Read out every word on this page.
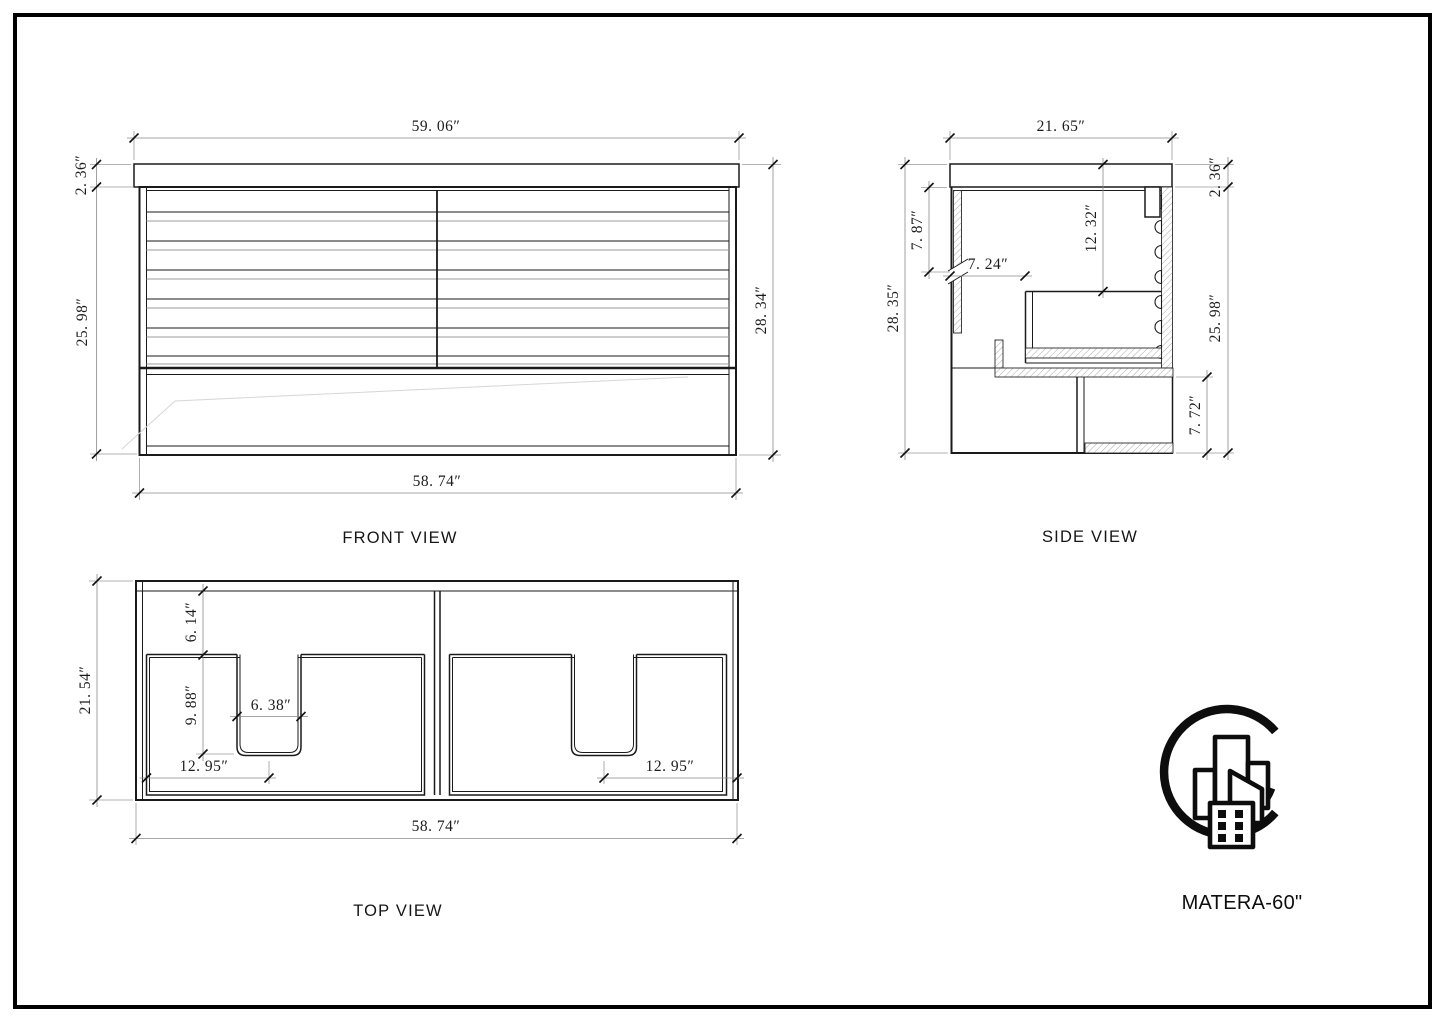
59. 06″
2. 36″
25. 98″	28. 34″
58. 74″
FRONT VIEW
21. 65″
2. 36″
7. 87″
28. 35″
7. 24″
12. 32″
25. 98″
7. 72″
SIDE VIEW
21. 54″
6. 14″
9. 88″	6. 38″
12. 95″	12. 95″
58. 74″
TOP VIEW	MATERA-60"
